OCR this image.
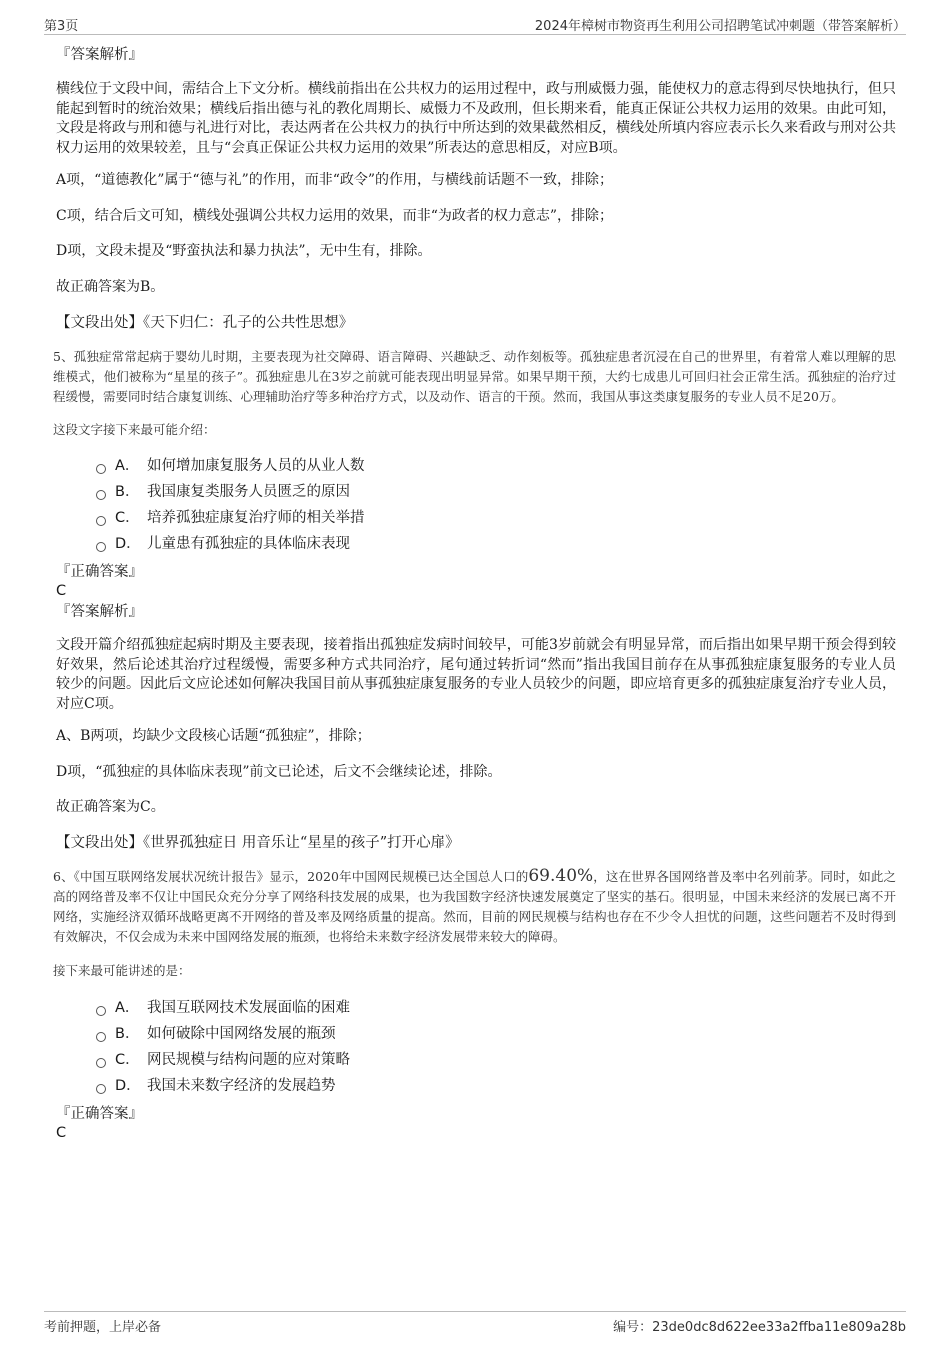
第3页	2024年樟树市物资再生利用公司招聘笔试冲刺题（带答案解析）
『答案解析』
横线位于文段中间，需结合上下文分析。横线前指出在公共权力的运用过程中，政与刑威慑力强，能使权力的意志得到尽快地执行，但只能起到暂时的统治效果；横线后指出德与礼的教化周期长、威慑力不及政刑，但长期来看，能真正保证公共权力运用的效果。由此可知，文段是将政与刑和德与礼进行对比，表达两者在公共权力的执行中所达到的效果截然相反，横线处所填内容应表示长久来看政与刑对公共权力运用的效果较差，且与“会真正保证公共权力运用的效果”所表达的意思相反，对应B项。
A项，“道德教化”属于“德与礼”的作用，而非“政令”的作用，与横线前话题不一致，排除；
C项，结合后文可知，横线处强调公共权力运用的效果，而非“为政者的权力意志”，排除；
D项，文段未提及“野蛮执法和暴力执法”，无中生有，排除。
故正确答案为B。
【文段出处】《天下归仁：孔子的公共性思想》
5、孤独症常常起病于婴幼儿时期，主要表现为社交障碍、语言障碍、兴趣缺乏、动作刻板等。孤独症患者沉浸在自己的世界里，有着常人难以理解的思维模式，他们被称为“星星的孩子”。孤独症患儿在3岁之前就可能表现出明显异常。如果早期干预，大约七成患儿可回归社会正常生活。孤独症的治疗过程缓慢，需要同时结合康复训练、心理辅助治疗等多种治疗方式，以及动作、语言的干预。然而，我国从事这类康复服务的专业人员不足20万。
这段文字接下来最可能介绍：
A． 如何增加康复服务人员的从业人数
B． 我国康复类服务人员匮乏的原因
C． 培养孤独症康复治疗师的相关举措
D． 儿童患有孤独症的具体临床表现
『正确答案』
C
『答案解析』
文段开篇介绍孤独症起病时期及主要表现，接着指出孤独症发病时间较早，可能3岁前就会有明显异常，而后指出如果早期干预会得到较好效果，然后论述其治疗过程缓慢，需要多种方式共同治疗，尾句通过转折词“然而”指出我国目前存在从事孤独症康复服务的专业人员较少的问题。因此后文应论述如何解决我国目前从事孤独症康复服务的专业人员较少的问题，即应培育更多的孤独症康复治疗专业人员，对应C项。
A、B两项，均缺少文段核心话题“孤独症”，排除；
D项，“孤独症的具体临床表现”前文已论述，后文不会继续论述，排除。
故正确答案为C。
【文段出处】《世界孤独症日 用音乐让“星星的孩子”打开心扉》
6、《中国互联网络发展状况统计报告》显示，2020年中国网民规模已达全国总人口的69.40%，这在世界各国网络普及率中名列前茅。同时，如此之高的网络普及率不仅让中国民众充分分享了网络科技发展的成果，也为我国数字经济快速发展奠定了坚实的基石。很明显，中国未来经济的发展已离不开网络，实施经济双循环战略更离不开网络的普及率及网络质量的提高。然而，目前的网民规模与结构也存在不少令人担忧的问题，这些问题若不及时得到有效解决，不仅会成为未来中国网络发展的瓶颈，也将给未来数字经济发展带来较大的障碍。
接下来最可能讲述的是：
A． 我国互联网技术发展面临的困难
B． 如何破除中国网络发展的瓶颈
C． 网民规模与结构问题的应对策略
D． 我国未来数字经济的发展趋势
『正确答案』
C
考前押题，上岸必备	编号：23de0dc8d622ee33a2ffba11e809a28b
